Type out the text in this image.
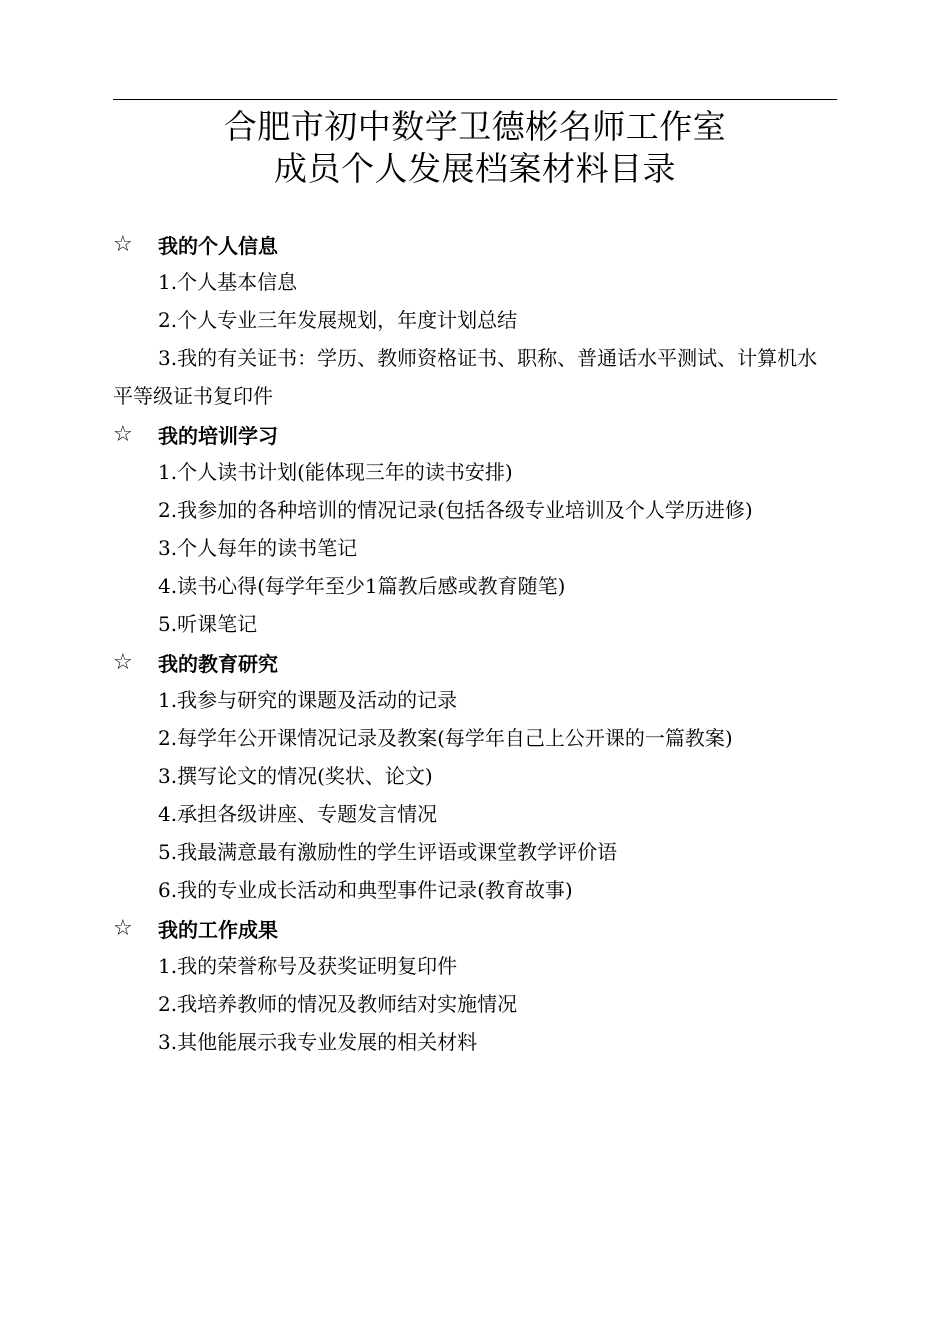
合肥市初中数学卫德彬名师工作室
成员个人发展档案材料目录
☆	我的个人信息
1.个人基本信息
2.个人专业三年发展规划，年度计划总结
3.我的有关证书：学历、教师资格证书、职称、普通话水平测试、计算机水平等级证书复印件
☆	我的培训学习
1.个人读书计划(能体现三年的读书安排)
2.我参加的各种培训的情况记录(包括各级专业培训及个人学历进修)
3.个人每年的读书笔记
4.读书心得(每学年至少1篇教后感或教育随笔)
5.听课笔记
☆	我的教育研究
1.我参与研究的课题及活动的记录
2.每学年公开课情况记录及教案(每学年自己上公开课的一篇教案)
3.撰写论文的情况(奖状、论文)
4.承担各级讲座、专题发言情况
5.我最满意最有激励性的学生评语或课堂教学评价语
6.我的专业成长活动和典型事件记录(教育故事)
☆	我的工作成果
1.我的荣誉称号及获奖证明复印件
2.我培养教师的情况及教师结对实施情况
3.其他能展示我专业发展的相关材料
